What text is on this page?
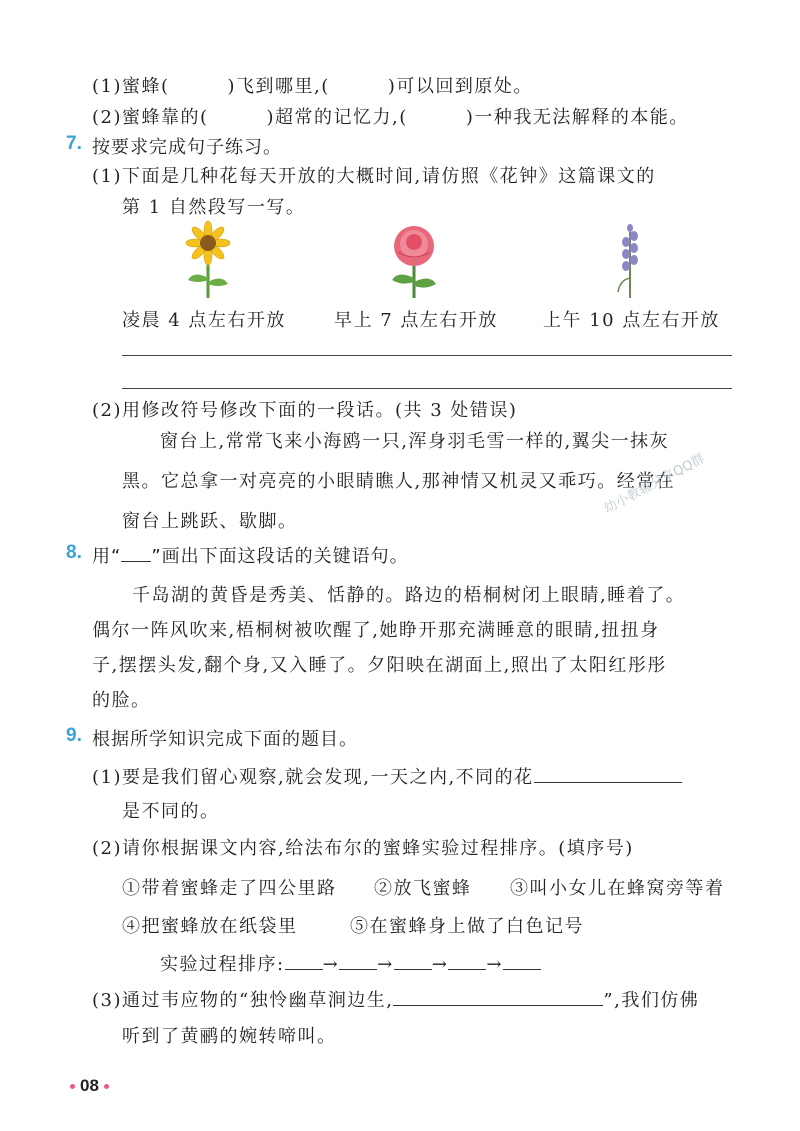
(1)蜜蜂(	)飞到哪里,(	)可以回到原处。
(2)蜜蜂靠的(	)超常的记忆力,(	)一种我无法解释的本能。
7. 按要求完成句子练习。
(1)下面是几种花每天开放的大概时间,请仿照《花钟》这篇课文的
第 1 自然段写一写。
凌晨 4 点左右开放	早上 7 点左右开放	上午 10 点左右开放
(2)用修改符号修改下面的一段话。(共 3 处错误)
窗台上,常常飞来小海鸥一只,浑身羽毛雪一样的,翼尖一抹灰
黑。它总拿一对亮亮的小眼睛瞧人,那神情又机灵又乖巧。经常在
窗台上跳跃、歇脚。
8. 用“ ”画出下面这段话的关键语句。
千岛湖的黄昏是秀美、恬静的。路边的梧桐树闭上眼睛,睡着了。
偶尔一阵风吹来,梧桐树被吹醒了,她睁开那充满睡意的眼睛,扭扭身
子,摆摆头发,翻个身,又入睡了。夕阳映在湖面上,照出了太阳红彤彤
的脸。
9. 根据所学知识完成下面的题目。
(1)要是我们留心观察,就会发现,一天之内,不同的花
是不同的。
(2)请你根据课文内容,给法布尔的蜜蜂实验过程排序。(填序号)
①带着蜜蜂走了四公里路 ②放飞蜜蜂 ③叫小女儿在蜂窝旁等着
④把蜜蜂放在纸袋里	⑤在蜜蜂身上做了白色记号
实验过程排序: → → → →
(3)通过韦应物的“独怜幽草涧边生,	”,我们仿佛
听到了黄鹂的婉转啼叫。
幼小教辅分享QQ群
08
